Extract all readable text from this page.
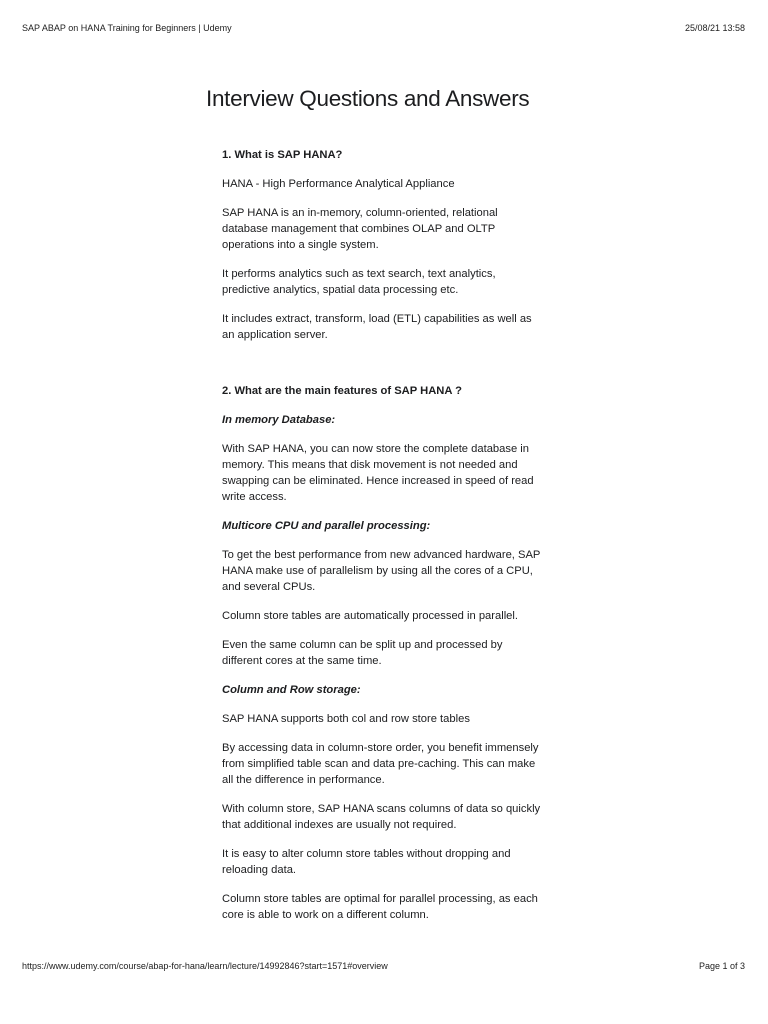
SAP ABAP on HANA Training for Beginners | Udemy	25/08/21 13:58
Interview Questions and Answers

1. What is SAP HANA?

HANA - High Performance Analytical Appliance

SAP HANA is an in-memory, column-oriented, relational database management that combines OLAP and OLTP operations into a single system.

It performs analytics such as text search, text analytics, predictive analytics, spatial data processing etc.

It includes extract, transform, load (ETL) capabilities as well as an application server.

2. What are the main features of SAP HANA ?

In memory Database:

With SAP HANA, you can now store the complete database in memory. This means that disk movement is not needed and swapping can be eliminated. Hence increased in speed of read write access.

Multicore CPU and parallel processing:

To get the best performance from new advanced hardware, SAP HANA make use of parallelism by using all the cores of a CPU, and several CPUs.

Column store tables are automatically processed in parallel.

Even the same column can be split up and processed by different cores at the same time.

Column and Row storage:

SAP HANA supports both col and row store tables

By accessing data in column-store order, you benefit immensely from simplified table scan and data pre-caching. This can make all the difference in performance.

With column store, SAP HANA scans columns of data so quickly that additional indexes are usually not required.

It is easy to alter column store tables without dropping and reloading data.

Column store tables are optimal for parallel processing, as each core is able to work on a different column.

https://www.udemy.com/course/abap-for-hana/learn/lecture/14992846?start=1571#overview	Page 1 of 3
